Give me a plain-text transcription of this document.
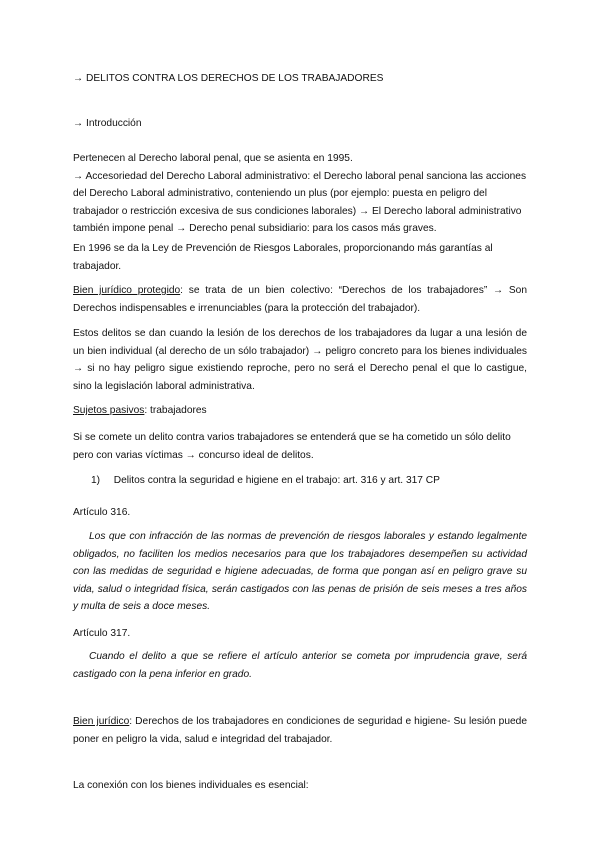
→ DELITOS CONTRA LOS DERECHOS DE LOS TRABAJADORES
→ Introducción

Pertenecen al Derecho laboral penal, que se asienta en 1995.

→ Accesoriedad del Derecho Laboral administrativo: el Derecho laboral penal sanciona las acciones del Derecho Laboral administrativo, conteniendo un plus (por ejemplo: puesta en peligro del trabajador o restricción excesiva de sus condiciones laborales) → El Derecho laboral administrativo también impone penal → Derecho penal subsidiario: para los casos más graves.

En 1996 se da la Ley de Prevención de Riesgos Laborales, proporcionando más garantías al trabajador.

Bien jurídico protegido: se trata de un bien colectivo: “Derechos de los trabajadores” → Son Derechos indispensables e irrenunciables (para la protección del trabajador).

Estos delitos se dan cuando la lesión de los derechos de los trabajadores da lugar a una lesión de un bien individual (al derecho de un sólo trabajador) → peligro concreto para los bienes individuales → si no hay peligro sigue existiendo reproche, pero no será el Derecho penal el que lo castigue, sino la legislación laboral administrativa.

Sujetos pasivos: trabajadores

Si se comete un delito contra varios trabajadores se entenderá que se ha cometido un sólo delito pero con varias víctimas → concurso ideal de delitos.

1) Delitos contra la seguridad e higiene en el trabajo: art. 316 y art. 317 CP
Artículo 316.

Los que con infracción de las normas de prevención de riesgos laborales y estando legalmente obligados, no faciliten los medios necesarios para que los trabajadores desempeñen su actividad con las medidas de seguridad e higiene adecuadas, de forma que pongan así en peligro grave su vida, salud o integridad física, serán castigados con las penas de prisión de seis meses a tres años y multa de seis a doce meses.

Artículo 317.

Cuando el delito a que se refiere el artículo anterior se cometa por imprudencia grave, será castigado con la pena inferior en grado.

Bien jurídico: Derechos de los trabajadores en condiciones de seguridad e higiene- Su lesión puede poner en peligro la vida, salud e integridad del trabajador.

La conexión con los bienes individuales es esencial:
